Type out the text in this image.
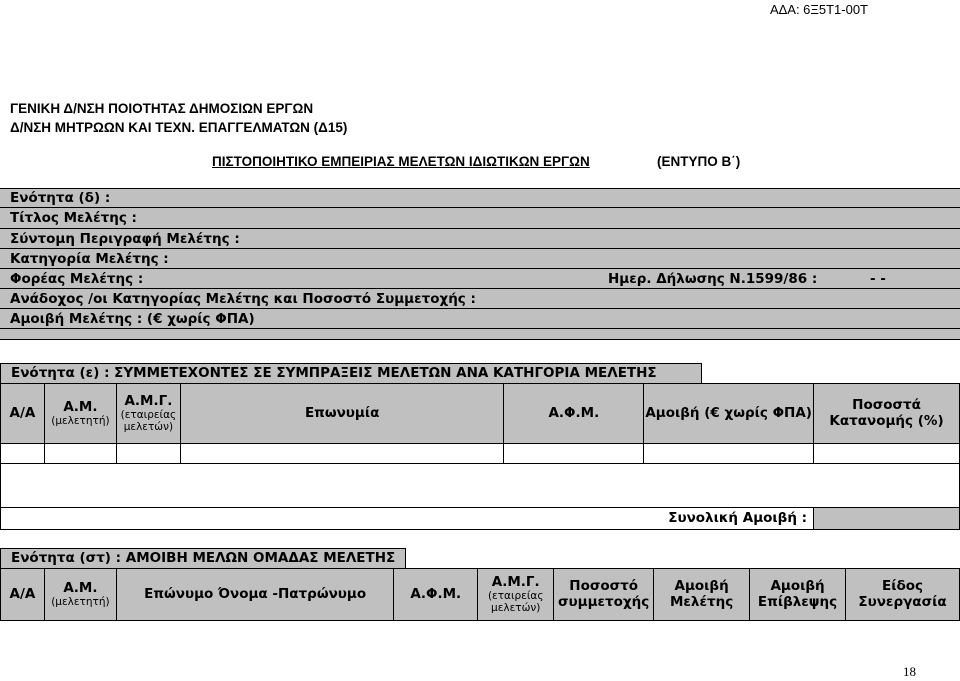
ΑΔΑ: 6Ξ5Τ1-00Τ
ΓΕΝΙΚΗ Δ/ΝΣΗ ΠΟΙΟΤΗΤΑΣ ΔΗΜΟΣΙΩΝ ΕΡΓΩΝ
Δ/ΝΣΗ ΜΗΤΡΩΩΝ ΚΑΙ ΤΕΧΝ. ΕΠΑΓΓΕΛΜΑΤΩΝ (Δ15)
ΠΙΣΤΟΠΟΙΗΤΙΚΟ ΕΜΠΕΙΡΙΑΣ ΜΕΛΕΤΩΝ ΙΔΙΩΤΙΚΩΝ ΕΡΓΩΝ	(ΕΝΤΥΠΟ Β΄)
Ενότητα (δ) :
Τίτλος Μελέτης :
Σύντομη Περιγραφή Μελέτης :
Κατηγορία Μελέτης :
Φορέας Μελέτης :	Ημερ. Δήλωσης Ν.1599/86 :	- -
Ανάδοχος /οι Κατηγορίας Μελέτης και Ποσοστό Συμμετοχής :
Αμοιβή Μελέτης : (€ χωρίς ΦΠΑ)
Ενότητα (ε) : ΣΥΜΜΕΤΕΧΟΝΤΕΣ ΣΕ ΣΥΜΠΡΑΞΕΙΣ ΜΕΛΕΤΩΝ ΑΝΑ ΚΑΤΗΓΟΡΙΑ ΜΕΛΕΤΗΣ
Α/Α	Α.Μ.
(μελετητή)	Α.Μ.Γ.
(εταιρείας μελετών)	Επωνυμία	Α.Φ.Μ.	Αμοιβή (€ χωρίς ΦΠΑ)	Ποσοστά Κατανομής (%)

				Συνολική Αμοιβή :		
Ενότητα (στ) : ΑΜΟΙΒΗ ΜΕΛΩΝ ΟΜΑΔΑΣ ΜΕΛΕΤΗΣ
Α/Α	Α.Μ.
(μελετητή)
	Επώνυμο Όνομα -Πατρώνυμο	Α.Φ.Μ.	Α.Μ.Γ.
(εταιρείας μελετών)
	Ποσοστό συμμετοχής	Αμοιβή Μελέτης	Αμοιβή Επίβλεψης	Είδος Συνεργασία
18
